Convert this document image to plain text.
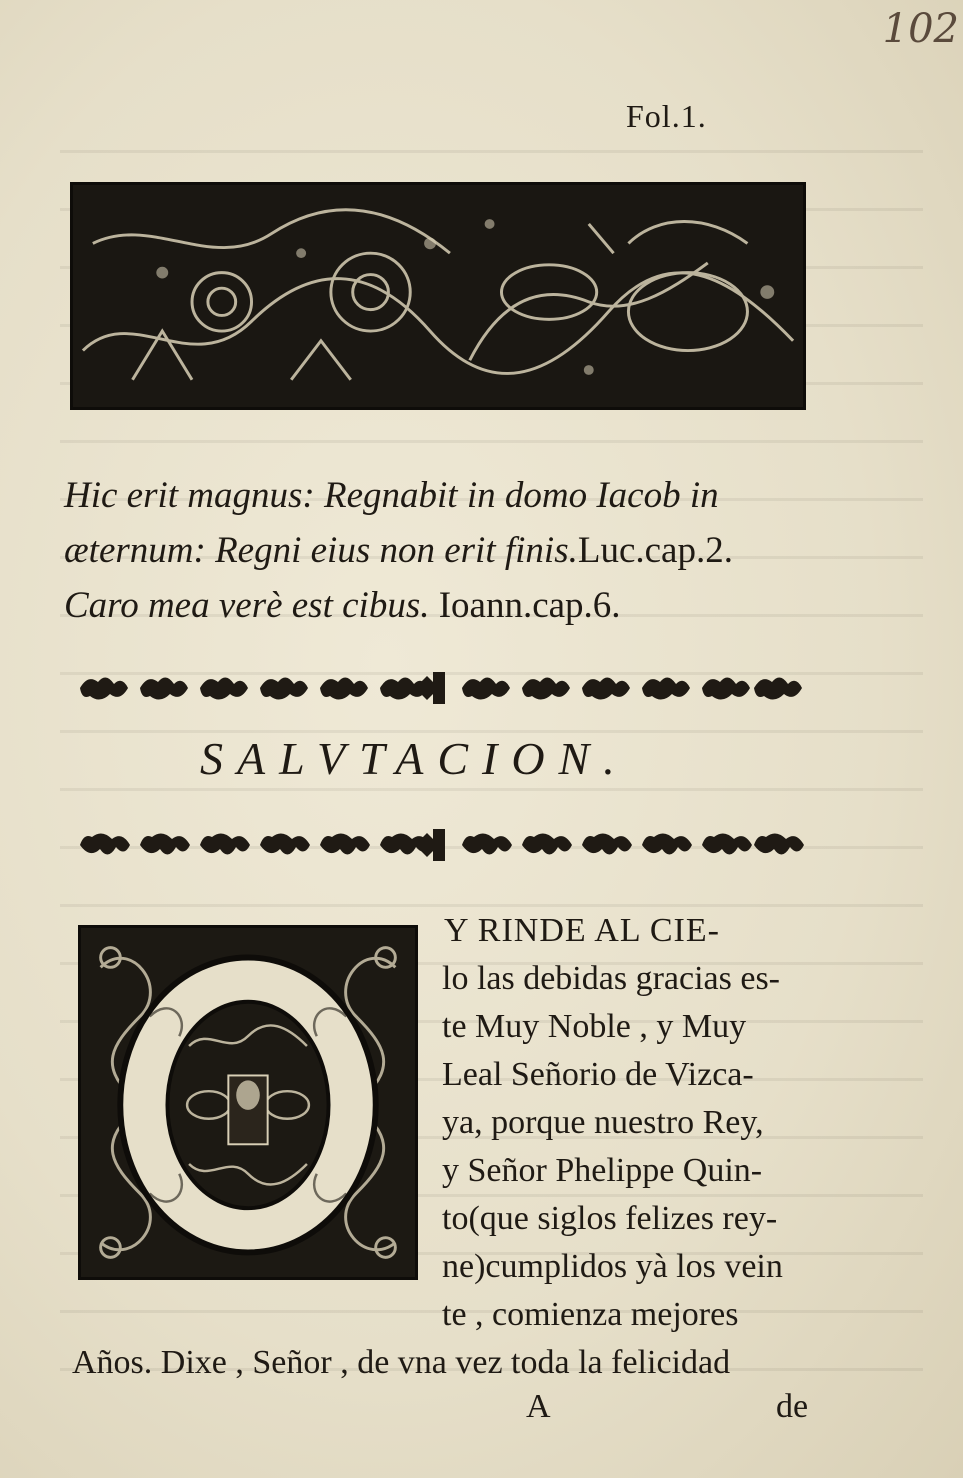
102
Fol.1.
Hic erit magnus: Regnabit in domo Iacob in
æternum: Regni eius non erit finis.Luc.cap.2.
Caro mea verè est cibus. Ioann.cap.6.
SALVTACION.
Y RINDE AL CIE-
lo las debidas gracias es-
te Muy Noble , y Muy
Leal Señorio de Vizca-
ya, porque nuestro Rey,
y Señor Phelippe Quin-
to(que siglos felizes rey-
ne)cumplidos yà los vein
te , comienza mejores
Años. Dixe , Señor , de vna vez toda la felicidad
A	de
